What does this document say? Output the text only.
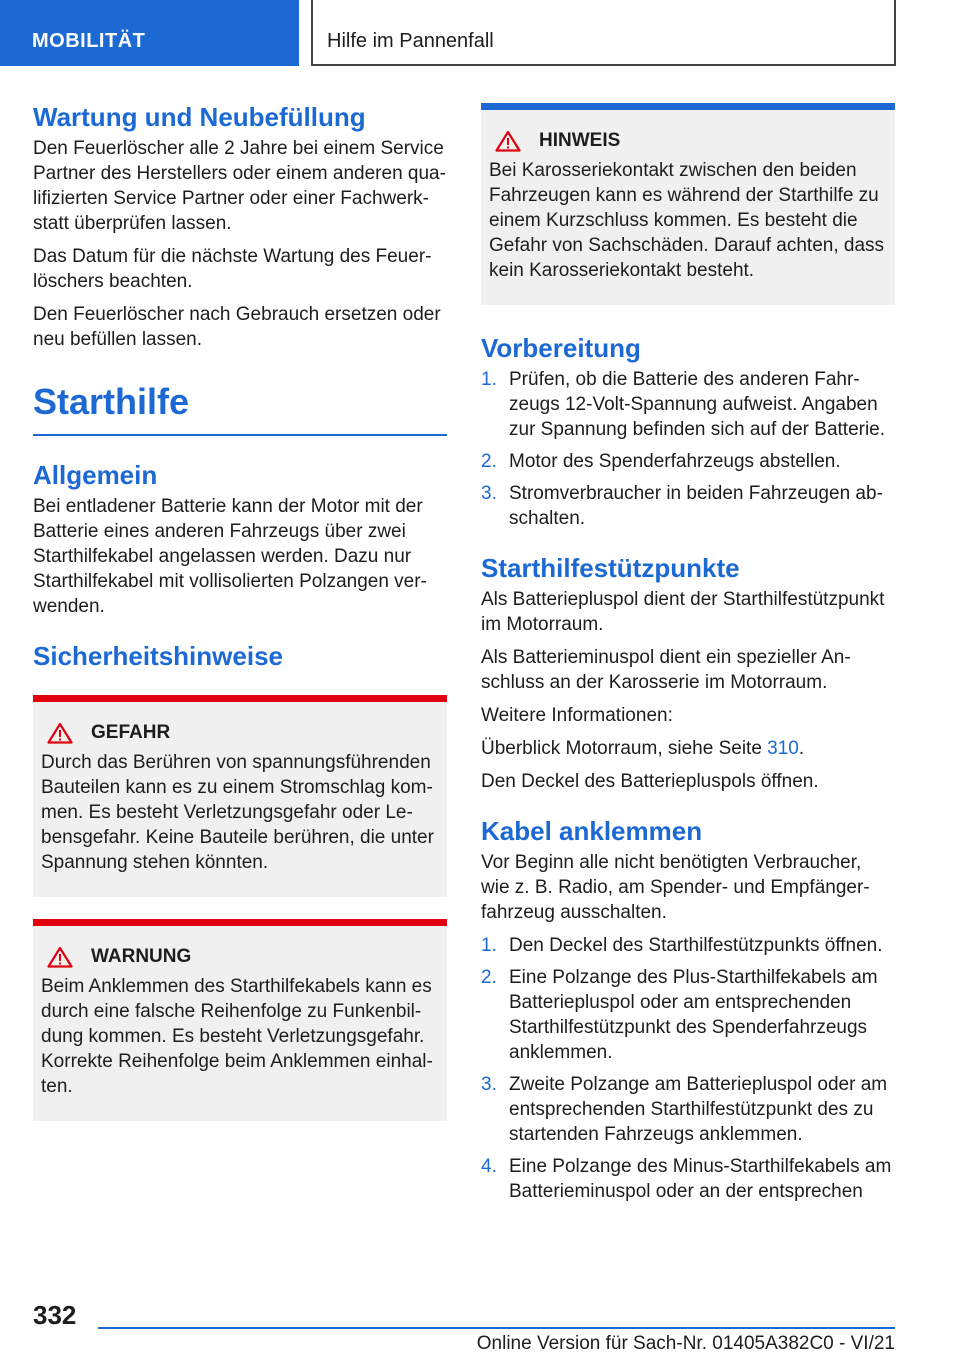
MOBILITÄT	Hilfe im Pannenfall
Wartung und Neubefüllung

Den Feuerlöscher alle 2 Jahre bei einem Service Partner des Herstellers oder einem anderen qualifizierten Service Partner oder einer Fachwerkstatt überprüfen lassen.

Das Datum für die nächste Wartung des Feuerlöschers beachten.

Den Feuerlöscher nach Gebrauch ersetzen oder neu befüllen lassen.

Starthilfe
Allgemein

Bei entladener Batterie kann der Motor mit der Batterie eines anderen Fahrzeugs über zwei Starthilfekabel angelassen werden. Dazu nur Starthilfekabel mit vollisolierten Polzangen verwenden.

Sicherheitshinweise
GEFAHR

Durch das Berühren von spannungsführenden Bauteilen kann es zu einem Stromschlag kommen. Es besteht Verletzungsgefahr oder Lebensgefahr. Keine Bauteile berühren, die unter Spannung stehen könnten.

WARNUNG

Beim Anklemmen des Starthilfekabels kann es durch eine falsche Reihenfolge zu Funkenbildung kommen. Es besteht Verletzungsgefahr. Korrekte Reihenfolge beim Anklemmen einhalten.

HINWEIS

Bei Karosseriekontakt zwischen den beiden Fahrzeugen kann es während der Starthilfe zu einem Kurzschluss kommen. Es besteht die Gefahr von Sachschäden. Darauf achten, dass kein Karosseriekontakt besteht.

Vorbereitung
1. Prüfen, ob die Batterie des anderen Fahrzeugs 12-Volt-Spannung aufweist. Angaben zur Spannung befinden sich auf der Batterie.
2. Motor des Spenderfahrzeugs abstellen.
3. Stromverbraucher in beiden Fahrzeugen abschalten.
Starthilfestützpunkte

Als Batteriepluspol dient der Starthilfestützpunkt im Motorraum.

Als Batterieminuspol dient ein spezieller Anschluss an der Karosserie im Motorraum.

Weitere Informationen:

Überblick Motorraum, siehe Seite 310.

Den Deckel des Batteriepluspols öffnen.

Kabel anklemmen

Vor Beginn alle nicht benötigten Verbraucher, wie z. B. Radio, am Spender- und Empfängerfahrzeug ausschalten.

1. Den Deckel des Starthilfestützpunkts öffnen.
2. Eine Polzange des Plus-Starthilfekabels am Batteriepluspol oder am entsprechenden Starthilfestützpunkt des Spenderfahrzeugs anklemmen.
3. Zweite Polzange am Batteriepluspol oder am entsprechenden Starthilfestützpunkt des zu startenden Fahrzeugs anklemmen.
4. Eine Polzange des Minus-Starthilfekabels am Batterieminuspol oder an der entsprechen
332
Online Version für Sach-Nr. 01405A382C0 - VI/21
